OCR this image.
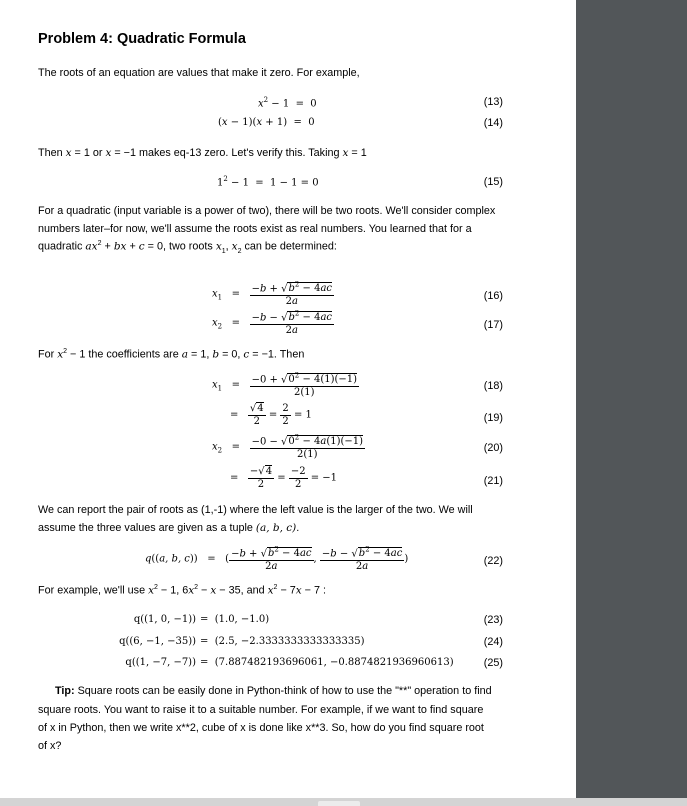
Problem 4: Quadratic Formula
The roots of an equation are values that make it zero. For example,
$x^2 - 1 = 0$	(13)
(x − 1)(x + 1)  =  0	(14)
Then x = 1 or x = −1 makes eq-13 zero. Let's verify this. Taking x = 1
$1^2 - 1 = 1 - 1 = 0$	(15)
For a quadratic (input variable is a power of two), there will be two roots. We'll consider complex
numbers later–for now, we'll assume the roots exist as real numbers. You learned that for a
quadratic $ax^2$ + bx + c = 0, two roots $x_1$, $x_2$ can be determined:
$x_1 = \frac{-b + √b^2 - 4ac}{2a}$	(16)
$x_2 = \frac{-b - √b^2 - 4ac}{2a}$	(17)
For $x^2 - 1$ the coefficients are a = 1, b = 0, c = −1. Then
$x_1 = \frac{-0 + √0^2 - 4(1)(-1)}{2(1)}$	(18)
= $\frac{√4}{2} = \frac{2}{2} = 1$	(19)
$x_2 = \frac{-0 - √0^2 - 4a(1)(-1)}{2(1)}$	(20)
= $\frac{-√4}{2} = \frac{-2}{2} = -1$	(21)
We can report the pair of roots as (1,-1) where the left value is the larger of the two. We will
assume the three values are given as a tuple (a, b, c).
q((a, b, c))   =   ( $\frac{-b + √b^2 - 4ac}{2a}$ , $\frac{-b - √b^2 - 4ac}{2a}$ )	(22)
For example, we'll use $x^2 - 1$, $6x^2 - x - 35$, and $x^2 - 7x - 7$ :
q((1, 0, −1)) =  (1.0, −1.0)	(23)
q((6, −1, −35)) =  (2.5, −2.3333333333333335)	(24)
q((1, −7, −7)) =  (7.887482193696061, −0.8874821936960613)	(25)
Tip: Square roots can be easily done in Python-think of how to use the "**" operation to find
square roots. You want to raise it to a suitable number. For example, if we want to find square
of x in Python, then we write x**2, cube of x is done like x**3. So, how do you find square root
of x?
